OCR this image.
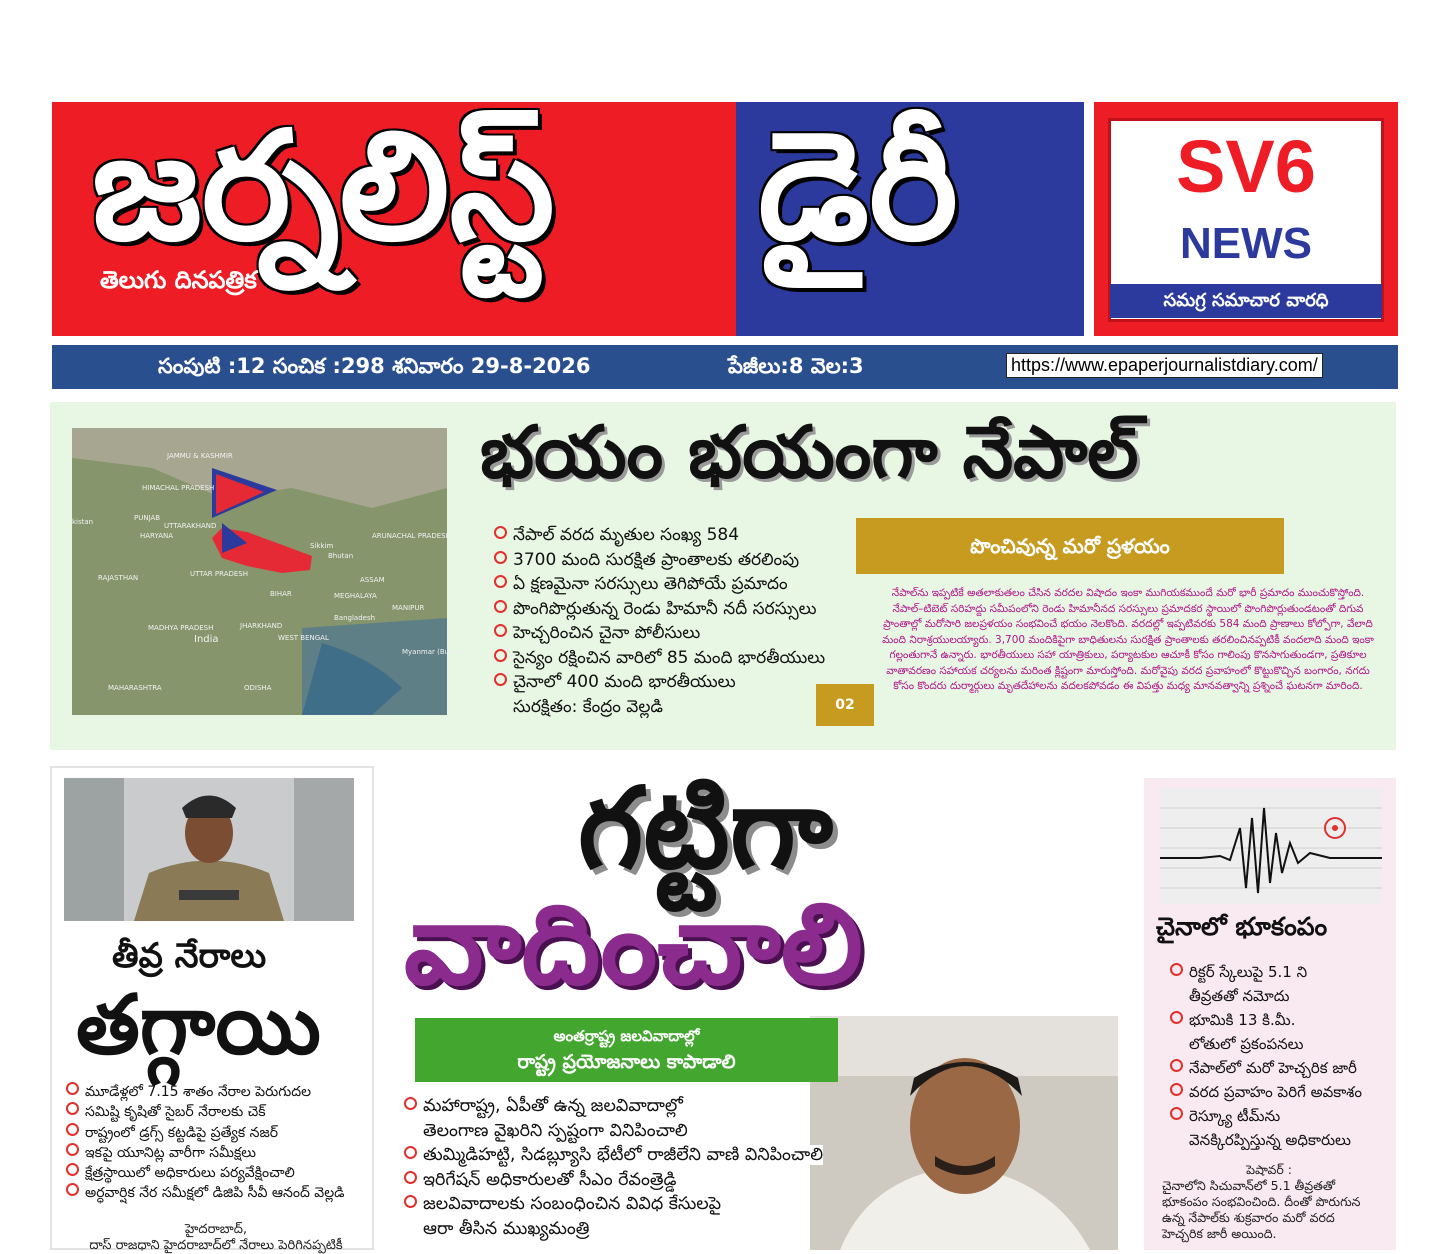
జర్నలిస్ట్ డైరీ
తెలుగు దినపత్రిక
SV6
NEWS
సమగ్ర సమాచార వారధి
సంపుటి :12 సంచిక :298 శనివారం 29-8-2026	పేజీలు:8 వెల:3	https://www.epaperjournalistdiary.com/
JAMMU & KASHMIR
HIMACHAL PRADESH
PUNJAB
UTTARAKHAND
HARYANA
UTTAR PRADESH
RAJASTHAN
MADHYA PRADESH
India
JHARKHAND
WEST BENGAL
BIHAR	MEGHALAYA
ASSAM
MANIPUR
ARUNACHAL PRADESH
Bangladesh
Myanmar (Burma)
MAHARASHTRA
kistan
ODISHA
Sikkim
Bhutan
భయం భయంగా నేపాల్
నేపాల్ వరద మృతుల సంఖ్య 584
3700 మంది సురక్షిత ప్రాంతాలకు తరలింపు
ఏ క్షణమైనా సరస్సులు తెగిపోయే ప్రమాదం
పొంగిపొర్లుతున్న రెండు హిమానీ నదీ సరస్సులు
హెచ్చరించిన చైనా పోలీసులు
సైన్యం రక్షించిన వారిలో 85 మంది భారతీయులు
చైనాలో 400 మంది భారతీయులు
సురక్షితం: కేంద్రం వెల్లడి
పొంచివున్న మరో ప్రళయం
02
నేపాల్‌ను ఇప్పటికే అతలాకుతలం చేసిన వరదల విషాదం ఇంకా ముగియకముందే మరో భారీ ప్రమాదం ముంచుకొస్తోంది. నేపాల్–టిబెట్ సరిహద్దు సమీపంలోని రెండు హిమానీనద సరస్సులు ప్రమాదకర స్థాయిలో పొంగిపొర్లుతుండటంతో దిగువ ప్రాంతాల్లో మరోసారి జలప్రళయం సంభవించే భయం నెలకొంది. వరదల్లో ఇప్పటివరకు 584 మంది ప్రాణాలు కోల్పోగా, వేలాది మంది నిరాశ్రయులయ్యారు. 3,700 మందికిపైగా బాధితులను సురక్షిత ప్రాంతాలకు తరలించినప్పటికీ వందలాది మంది ఇంకా గల్లంతుగానే ఉన్నారు. భారతీయులు సహా యాత్రికులు, పర్యాటకుల ఆచూకీ కోసం గాలింపు కొనసాగుతుండగా, ప్రతికూల వాతావరణం సహాయక చర్యలను మరింత క్లిష్టంగా మారుస్తోంది. మరోవైపు వరద ప్రవాహంలో కొట్టుకొచ్చిన బంగారం, నగదు కోసం కొందరు దుర్మార్గులు మృతదేహాలను వదలకపోవడం ఈ విపత్తు మధ్య మానవత్వాన్ని ప్రశ్నించే ఘటనగా మారింది.
తీవ్ర నేరాలు
తగ్గాయి
మూడేళ్లలో 7.15 శాతం నేరాల పెరుగుదల
సమిష్టి కృషితో సైబర్ నేరాలకు చెక్
రాష్ట్రంలో డ్రగ్స్ కట్టడిపై ప్రత్యేక నజర్
ఇకపై యూనిట్ల వారీగా సమీక్షలు
క్షేత్రస్థాయిలో అధికారులు పర్యవేక్షించాలి
అర్ధవార్షిక నేర సమీక్షలో డిజిపి సీవీ ఆనంద్ వెల్లడి
హైదరాబాద్,
దాస్ రాజధాని హైదరాబాద్‌లో నేరాలు పెరిగినప్పటికీ
గట్టిగా
వాదించాలి
అంతర్రాష్ట్ర జలవివాదాల్లో
రాష్ట్ర ప్రయోజనాలు కాపాడాలి
మహారాష్ట్ర, ఏపీతో ఉన్న జలవివాదాల్లో
తెలంగాణ వైఖరిని స్పష్టంగా వినిపించాలి
తుమ్మిడిహట్టి, సిడబ్ల్యూసి భేటీలో రాజీలేని వాణి వినిపించాలి
ఇరిగేషన్ అధికారులతో సీఎం రేవంత్రెడ్డి
జలవివాదాలకు సంబంధించిన వివిధ కేసులపై
ఆరా తీసిన ముఖ్యమంత్రి
చైనాలో భూకంపం
రిక్టర్ స్కేలుపై 5.1 ని
తీవ్రతతో నమోదు
భూమికి 13 కి.మీ.
లోతులో ప్రకంపనలు
నేపాల్‌లో మరో హెచ్చరిక జారీ
వరద ప్రవాహం పెరిగే అవకాశం
రెస్క్యూ టీమ్‌ను
వెనక్కిరప్పిస్తున్న అధికారులు
పెషావర్ :
చైనాలోని సిచువాన్‌లో 5.1 తీవ్రతతో భూకంపం సంభవించింది. దీంతో పొరుగున ఉన్న నేపాల్‌కు శుక్రవారం మరో వరద హెచ్చరిక జారీ అయింది.
